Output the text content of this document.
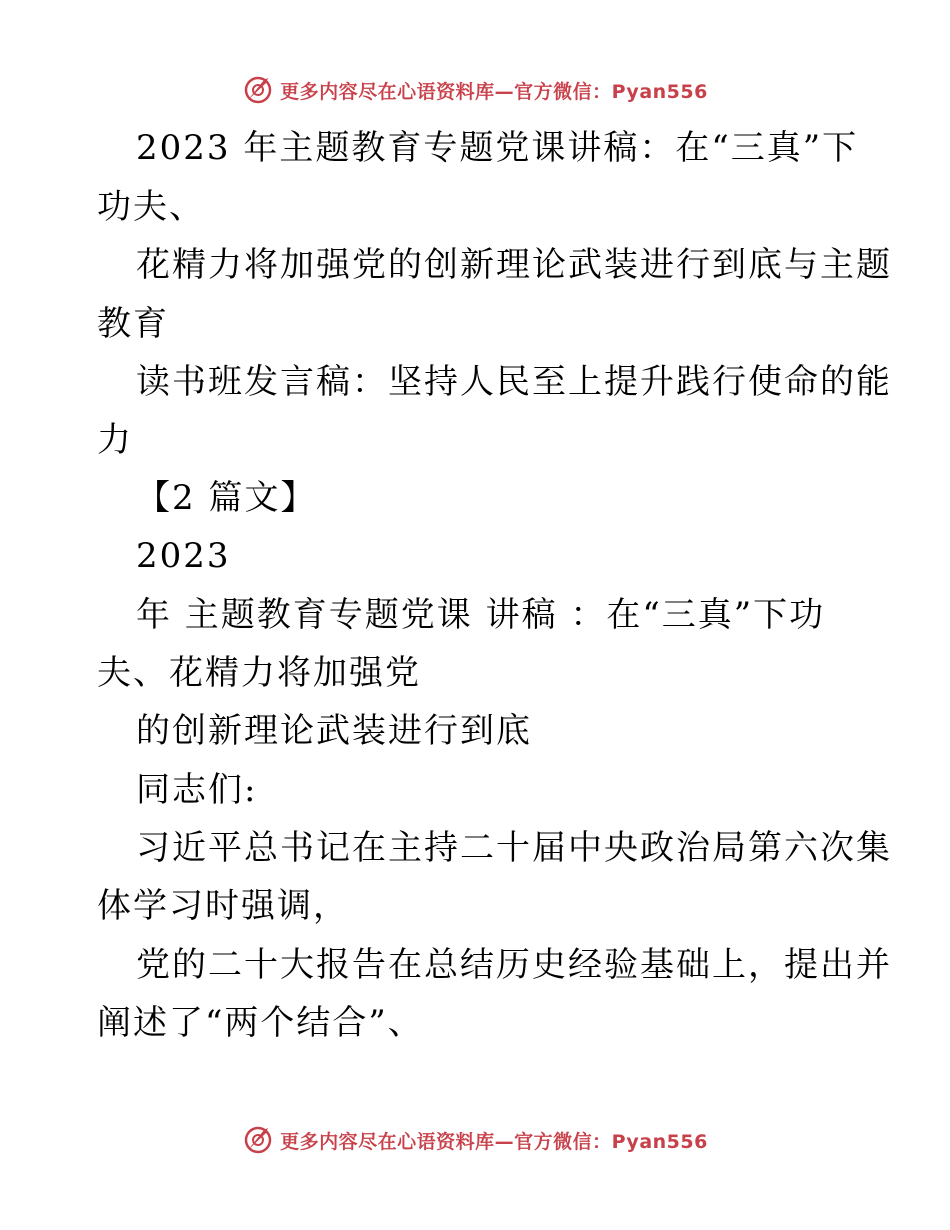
更多内容尽在心语资料库—官方微信：Pyan556
2023 年主题教育专题党课讲稿：在“三真”下
功夫、
花精力将加强党的创新理论武装进行到底与主题
教育
读书班发言稿：坚持人民至上提升践行使命的能
力
【2 篇文】
2023
年 主题教育专题党课 讲稿 ：在“三真”下功
夫、花精力将加强党
的创新理论武装进行到底
同志们:
习近平总书记在主持二十届中央政治局第六次集
体学习时强调，
党的二十大报告在总结历史经验基础上，提出并
阐述了“两个结合”、
更多内容尽在心语资料库—官方微信：Pyan556
